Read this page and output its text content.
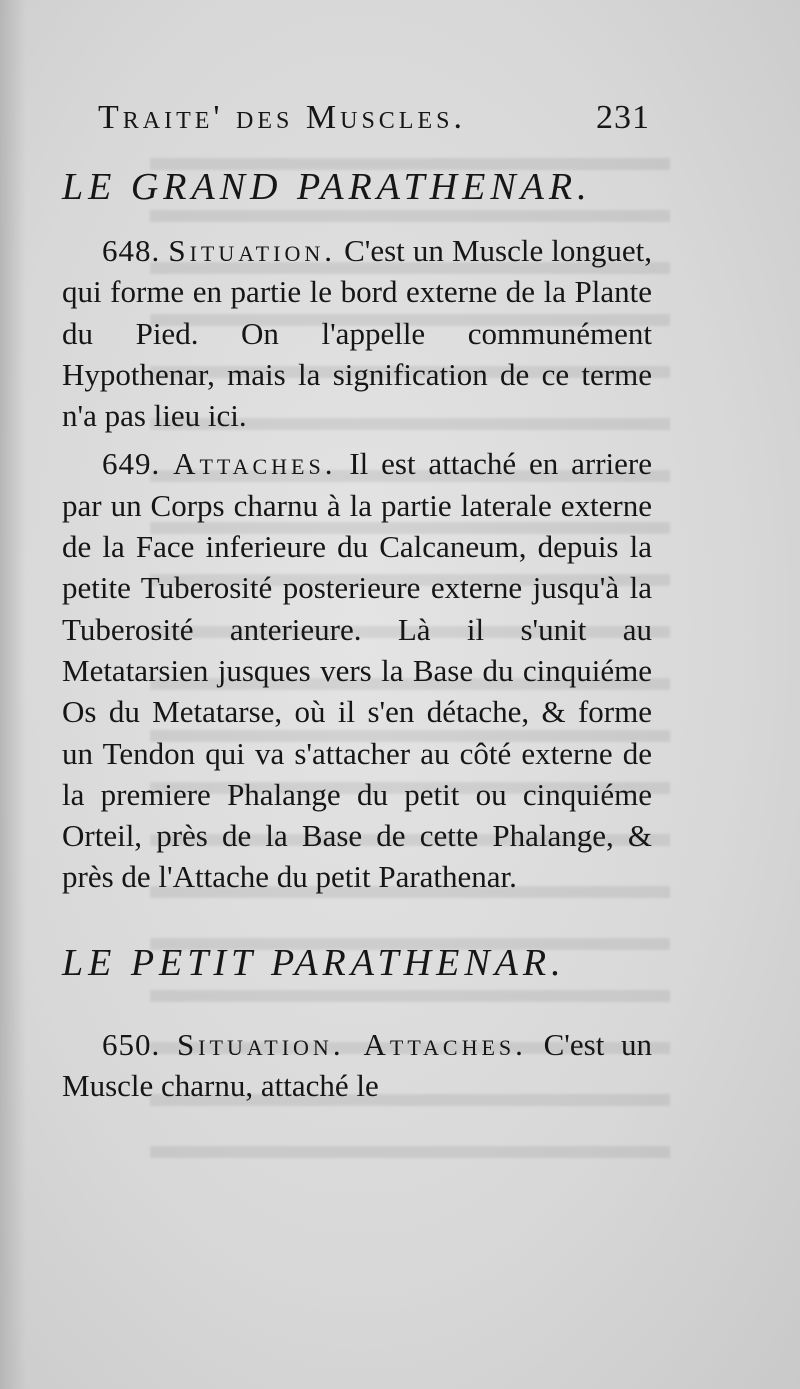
Traite' des Muscles.	231
LE GRAND PARATHENAR.

648. Situation. C'est un Muscle longuet, qui forme en partie le bord externe de la Plante du Pied. On l'appelle communément Hypothenar, mais la signification de ce terme n'a pas lieu ici.

649. Attaches. Il est attaché en arriere par un Corps charnu à la partie laterale externe de la Face inferieure du Calcaneum, depuis la petite Tuberosité posterieure externe jusqu'à la Tuberosité anterieure. Là il s'unit au Metatarsien jusques vers la Base du cinquiéme Os du Metatarse, où il s'en détache, & forme un Tendon qui va s'attacher au côté externe de la premiere Phalange du petit ou cinquiéme Orteil, près de la Base de cette Phalange, & près de l'Attache du petit Parathenar.

LE PETIT PARATHENAR.

650. Situation. Attaches. C'est un Muscle charnu, attaché le
